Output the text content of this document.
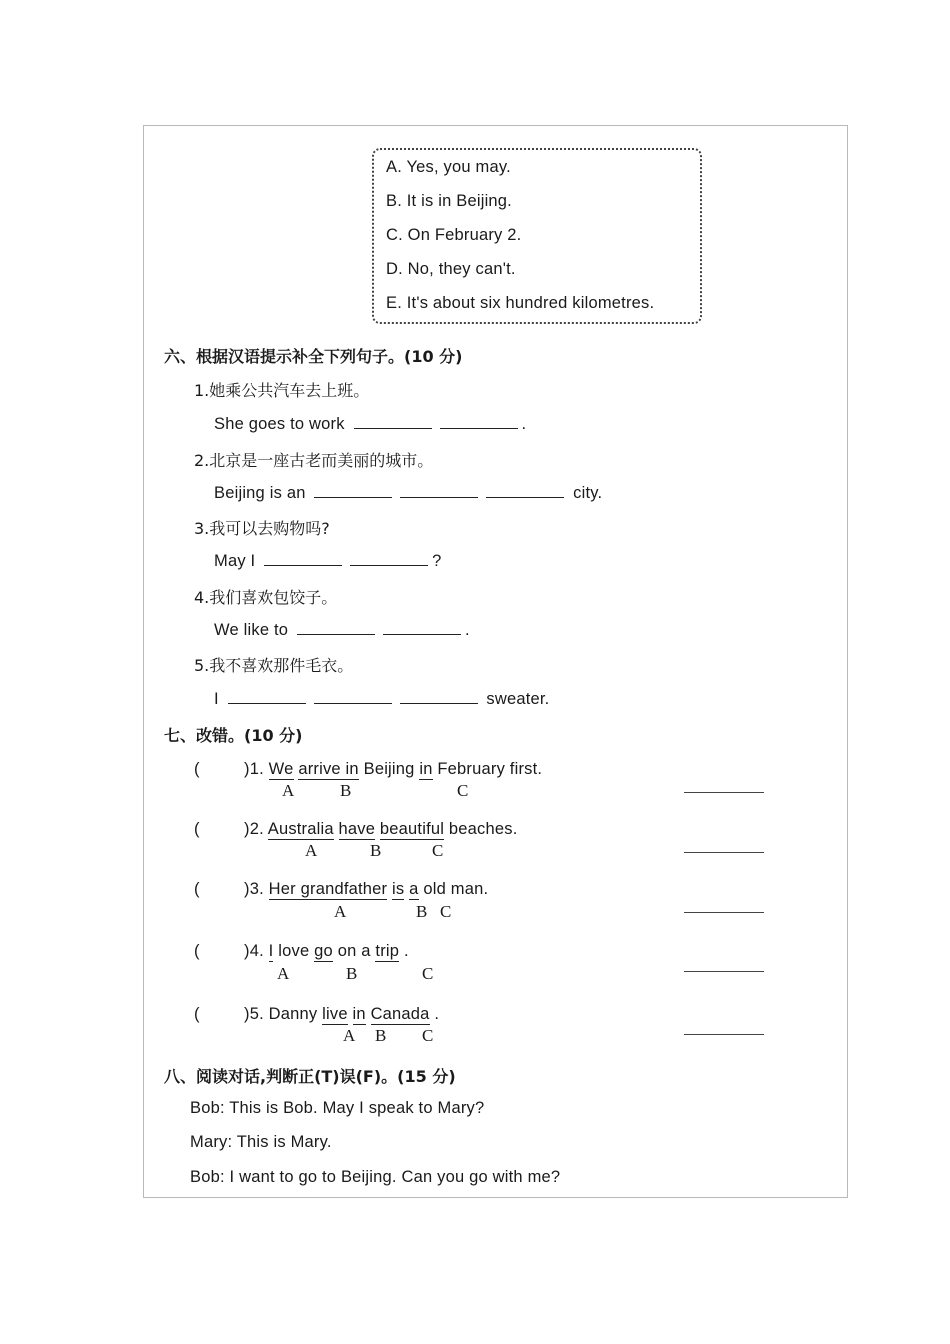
A. Yes, you may.
B. It is in Beijing.
C. On February 2.
D. No, they can't.
E. It's about six hundred kilometres.
六、根据汉语提示补全下列句子。(10 分)
1.她乘公共汽车去上班。
She goes to work	.
2.北京是一座古老而美丽的城市。
Beijing is an	city.
3.我可以去购物吗?
May I	?
4.我们喜欢包饺子。
We like to	.
5.我不喜欢那件毛衣。
I	sweater.
七、改错。(10 分)
(	)1. We arrive in Beijing in February first.
A	B	C
(	)2. Australia have beautiful beaches.
A	B	C
(	)3. Her grandfather is a old man.
A	B C
(	)4. I love go on a trip .
A	B	C
(	)5. Danny live in Canada .
A B C
八、阅读对话,判断正(T)误(F)。(15 分)
Bob: This is Bob. May I speak to Mary?
Mary: This is Mary.
Bob: I want to go to Beijing. Can you go with me?
